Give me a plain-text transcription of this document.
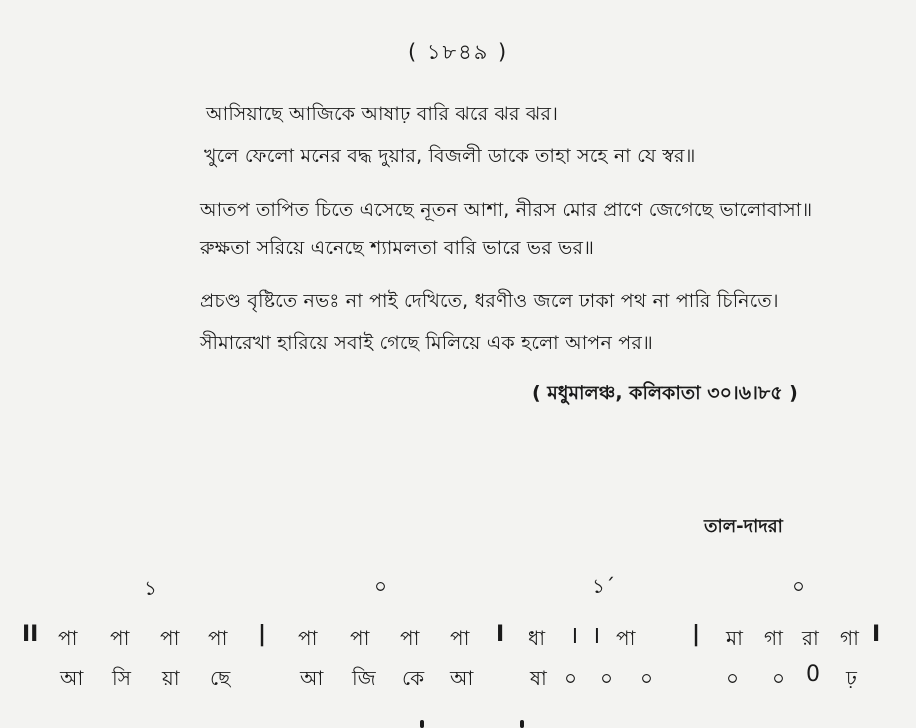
( ১৮৪৯ )
আসিয়াছে আজিকে আষাঢ় বারি ঝরে ঝর ঝর।
খুলে ফেলো মনের বদ্ধ দুয়ার, বিজলী ডাকে তাহা সহে না যে স্বর॥
আতপ তাপিত চিতে এসেছে নূতন আশা, নীরস মোর প্রাণে জেগেছে ভালোবাসা॥
রুক্ষতা সরিয়ে এনেছে শ্যামলতা বারি ভারে ভর ভর॥
প্রচণ্ড বৃষ্টিতে নভঃ না পাই দেখিতে, ধরণীও জলে ঢাকা পথ না পারি চিনিতে।
সীমারেখা হারিয়ে সবাই গেছে মিলিয়ে এক হলো আপন পর॥
( মধুমালঞ্চ, কলিকাতা ৩০।৬।৮৫ )
তাল-দাদরা
১	০	১´	০
II পা পা পা পা | পা পা পা পা I ধা I I পা	| মা গা রা গা I
আ সি য়া ছে	আ জি কে আ	ষা ০ ০ ০	০ ০ 0 ঢ়
